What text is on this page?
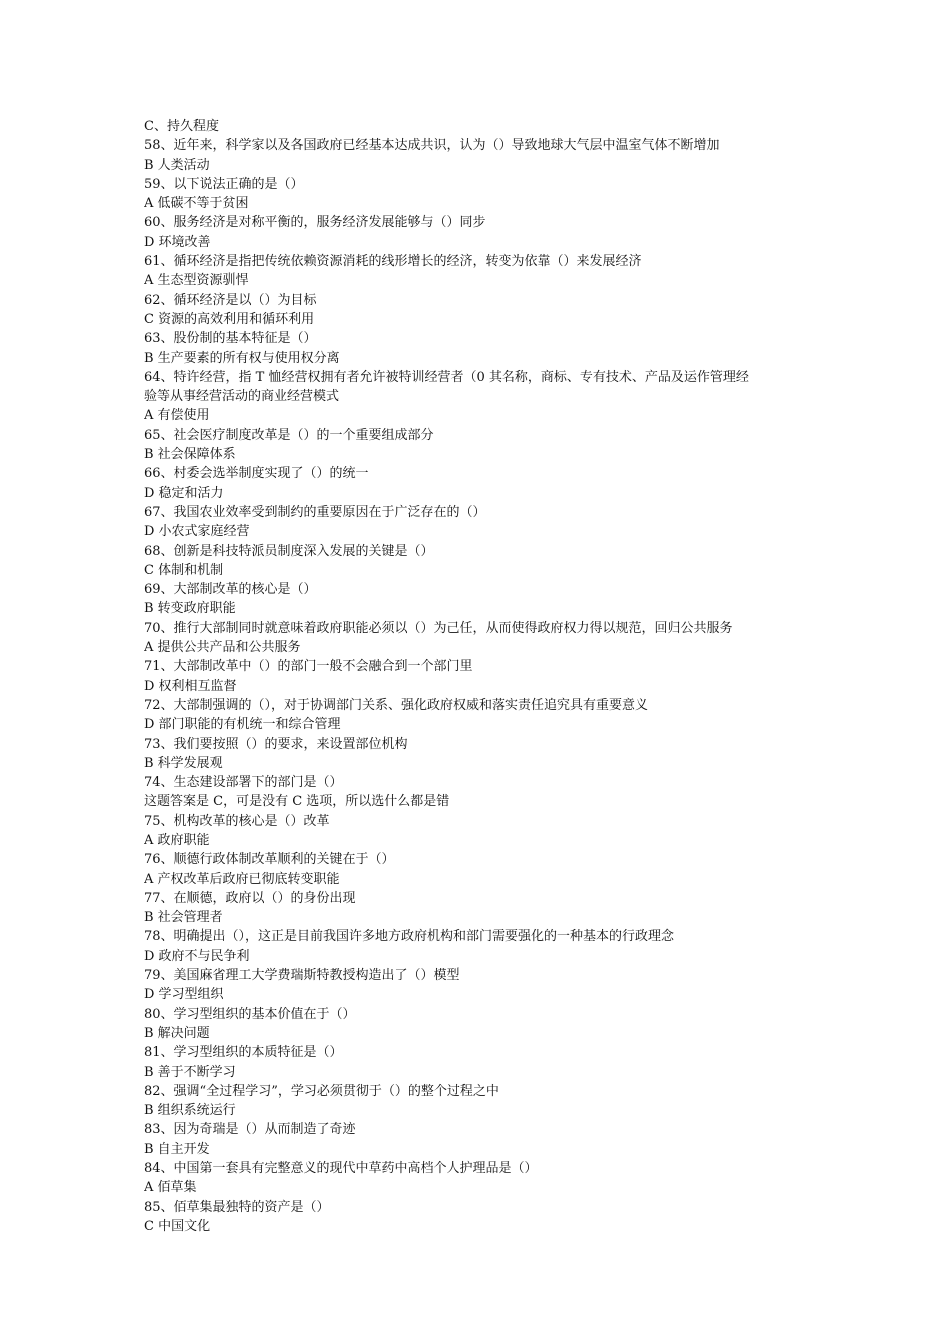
C、持久程度
58、近年来，科学家以及各国政府已经基本达成共识，认为（）导致地球大气层中温室气体不断增加
B 人类活动
59、以下说法正确的是（）
A 低碳不等于贫困
60、服务经济是对称平衡的，服务经济发展能够与（）同步
D 环境改善
61、循环经济是指把传统依赖资源消耗的线形增长的经济，转变为依靠（）来发展经济
A 生态型资源驯悍
62、循环经济是以（）为目标
C 资源的高效利用和循环利用
63、股份制的基本特征是（）
B 生产要素的所有权与使用权分离
64、特许经营，指 T 恤经营权拥有者允许被特训经营者（0 其名称，商标、专有技术、产品及运作管理经
验等从事经营活动的商业经营模式
A 有偿使用
65、社会医疗制度改革是（）的一个重要组成部分
B 社会保障体系
66、村委会选举制度实现了（）的统一
D 稳定和活力
67、我国农业效率受到制约的重要原因在于广泛存在的（）
D 小农式家庭经营
68、创新是科技特派员制度深入发展的关键是（）
C 体制和机制
69、大部制改革的核心是（）
B 转变政府职能
70、推行大部制同时就意味着政府职能必须以（）为己任，从而使得政府权力得以规范，回归公共服务
A 提供公共产品和公共服务
71、大部制改革中（）的部门一般不会融合到一个部门里
D 权利相互监督
72、大部制强调的（），对于协调部门关系、强化政府权威和落实责任追究具有重要意义
D 部门职能的有机统一和综合管理
73、我们要按照（）的要求，来设置部位机构
B 科学发展观
74、生态建设部署下的部门是（）
这题答案是 C，可是没有 C 选项，所以选什么都是错
75、机构改革的核心是（）改革
A 政府职能
76、顺德行政体制改革顺利的关键在于（）
A 产权改革后政府已彻底转变职能
77、在顺德，政府以（）的身份出现
B 社会管理者
78、明确提出（），这正是目前我国许多地方政府机构和部门需要强化的一种基本的行政理念
D 政府不与民争利
79、美国麻省理工大学费瑞斯特教授构造出了（）模型
D 学习型组织
80、学习型组织的基本价值在于（）
B 解决问题
81、学习型组织的本质特征是（）
B 善于不断学习
82、强调“全过程学习”，学习必须贯彻于（）的整个过程之中
B 组织系统运行
83、因为奇瑞是（）从而制造了奇迹
B 自主开发
84、中国第一套具有完整意义的现代中草药中高档个人护理品是（）
A 佰草集
85、佰草集最独特的资产是（）
C 中国文化
